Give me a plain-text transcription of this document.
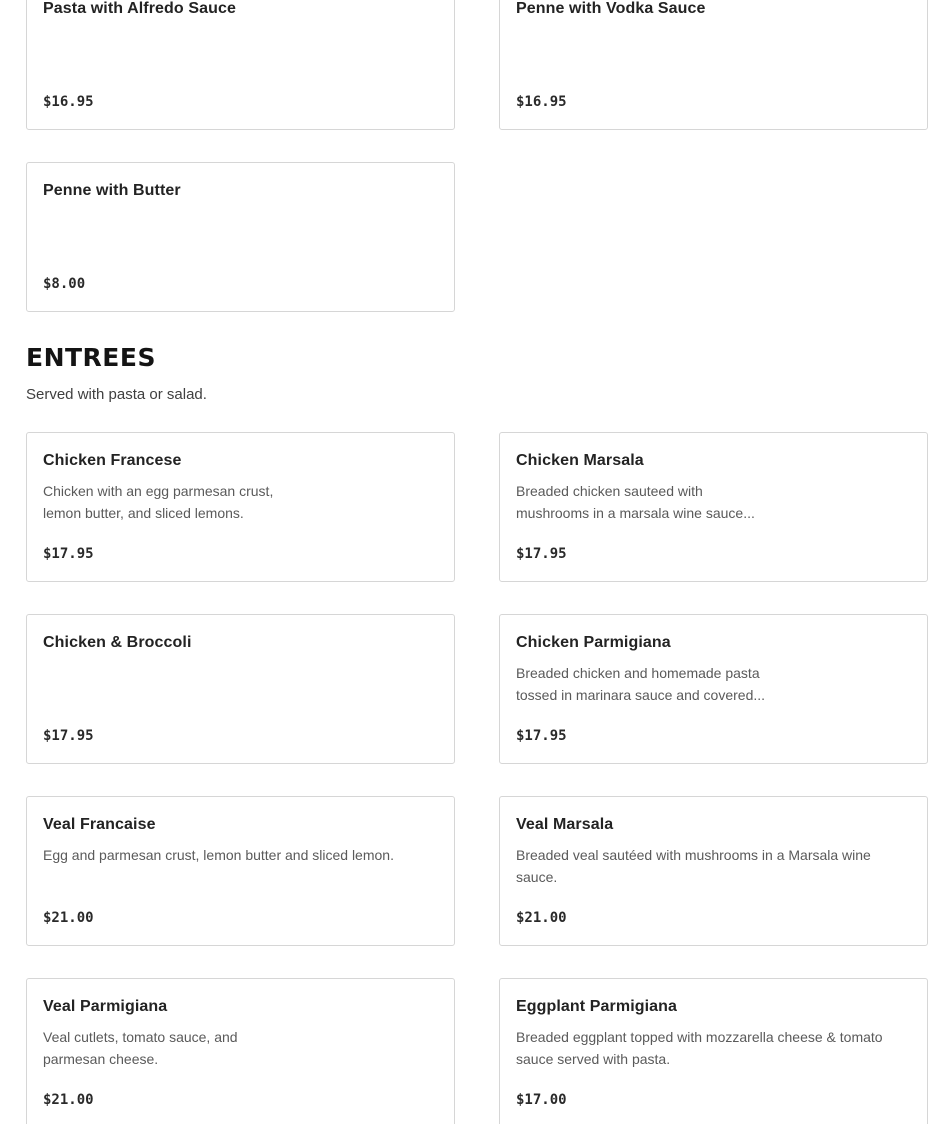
Pasta with Alfredo Sauce
$16.95
Penne with Vodka Sauce
$16.95
Penne with Butter
$8.00
ENTREES
Served with pasta or salad.
Chicken Francese
Chicken with an egg parmesan crust,
lemon butter, and sliced lemons.
$17.95
Chicken Marsala
Breaded chicken sauteed with
mushrooms in a marsala wine sauce...
$17.95
Chicken & Broccoli
$17.95
Chicken Parmigiana
Breaded chicken and homemade pasta
tossed in marinara sauce and covered...
$17.95
Veal Francaise
Egg and parmesan crust, lemon butter and sliced lemon.
$21.00
Veal Marsala
Breaded veal sautéed with mushrooms in a Marsala wine
sauce.
$21.00
Veal Parmigiana
Veal cutlets, tomato sauce, and
parmesan cheese.
$21.00
Eggplant Parmigiana
Breaded eggplant topped with mozzarella cheese & tomato
sauce served with pasta.
$17.00
